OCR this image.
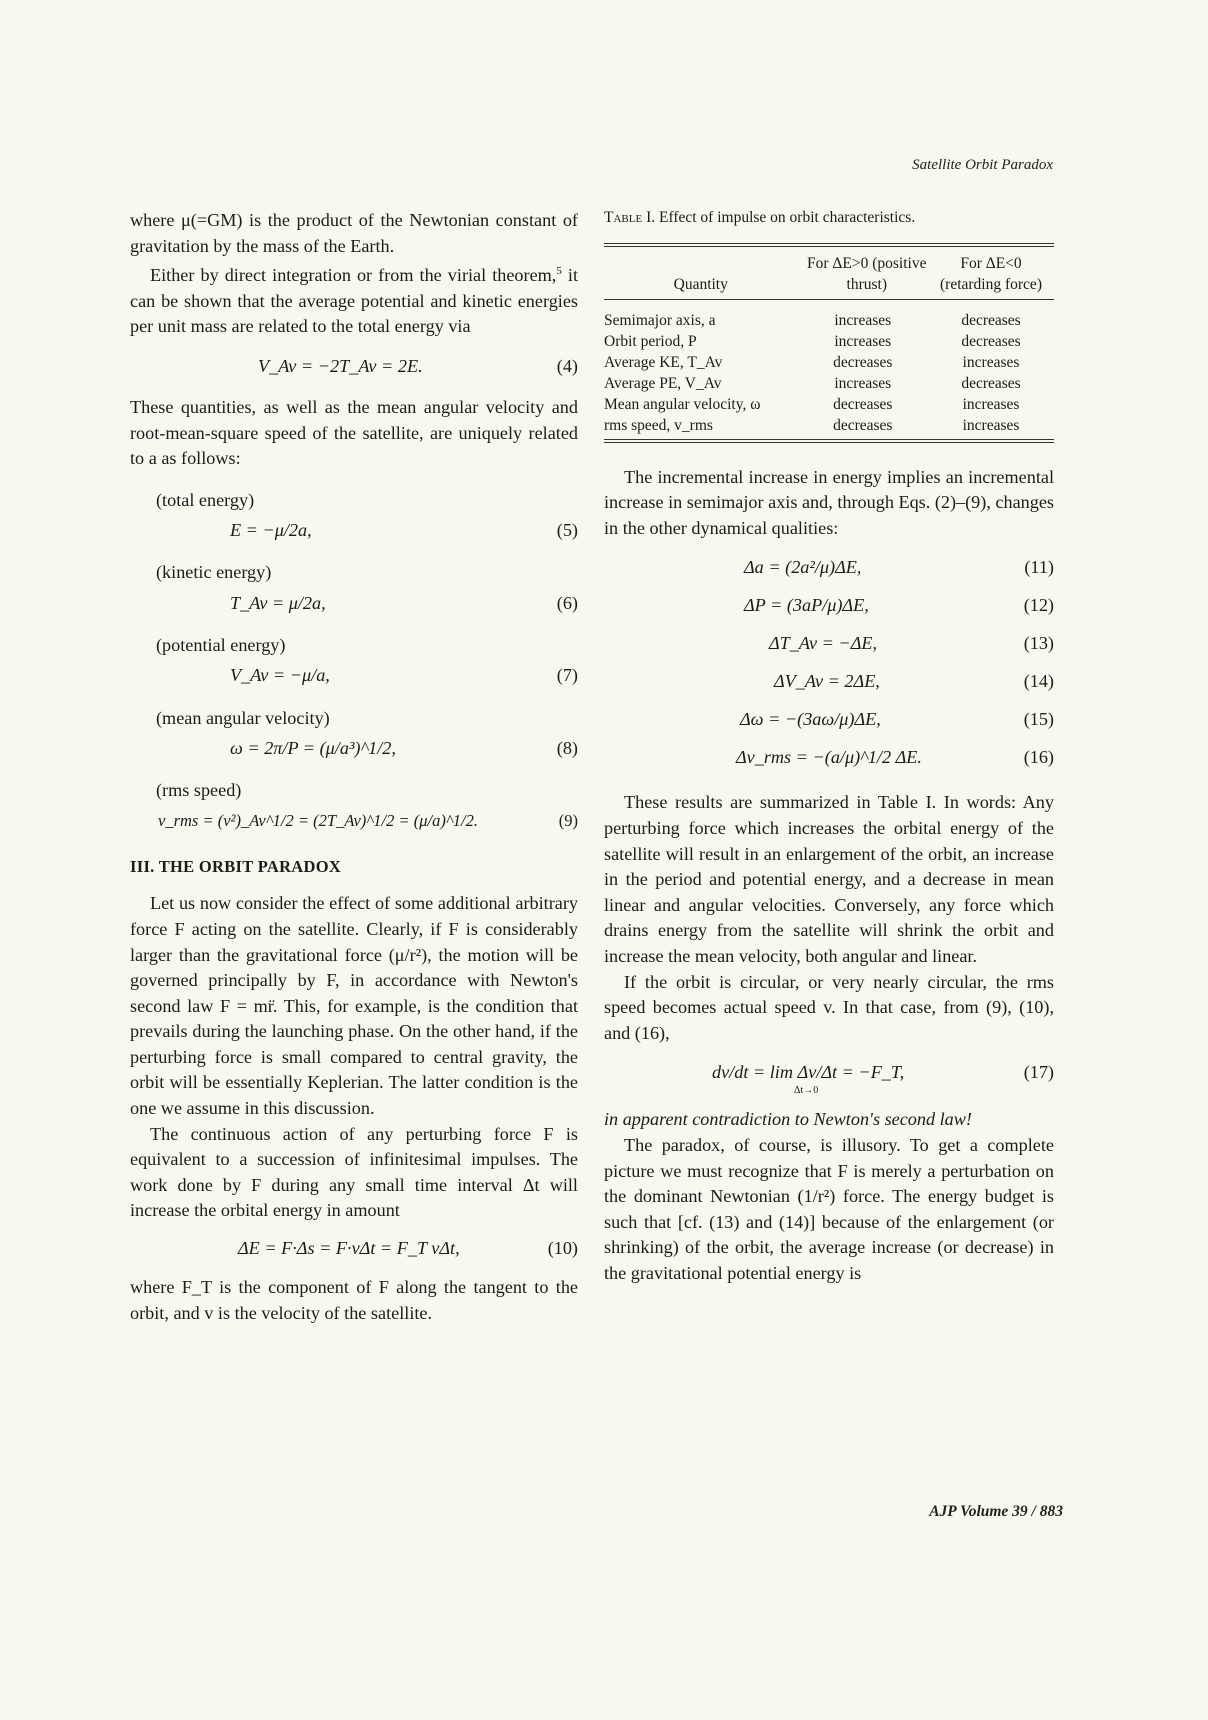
Satellite Orbit Paradox

where μ(=GM) is the product of the Newtonian constant of gravitation by the mass of the Earth.

Either by direct integration or from the virial theorem,$^5$ it can be shown that the average potential and kinetic energies per unit mass are related to the total energy via

V_Av = −2T_Av = 2E.	(4)

These quantities, as well as the mean angular velocity and root-mean-square speed of the satellite, are uniquely related to a as follows:

(total energy)

E = −μ/2a,	(5)

(kinetic energy)

T_Av = μ/2a,	(6)

(potential energy)

V_Av = −μ/a,	(7)

(mean angular velocity)

ω = 2π/P = (μ/a³)^1/2,	(8)

(rms speed)

v_rms = (v²)_Av^1/2 = (2T_Av)^1/2 = (μ/a)^1/2.	(9)

III. THE ORBIT PARADOX

Let us now consider the effect of some additional arbitrary force F acting on the satellite. Clearly, if F is considerably larger than the gravitational force (μ/r²), the motion will be governed principally by F, in accordance with Newton's second law F = mr̈. This, for example, is the condition that prevails during the launching phase. On the other hand, if the perturbing force is small compared to central gravity, the orbit will be essentially Keplerian. The latter condition is the one we assume in this discussion.

The continuous action of any perturbing force F is equivalent to a succession of infinitesimal impulses. The work done by F during any small time interval Δt will increase the orbital energy in amount

ΔE = F·Δs = F·vΔt = F_T vΔt,	(10)

where F_T is the component of F along the tangent to the orbit, and v is the velocity of the satellite.

Table I. Effect of impulse on orbit characteristics.

Quantity	For ΔE>0 (positive thrust)	For ΔE<0 (retarding force)

Semimajor axis, a	increases	decreases
Orbit period, P	increases	decreases
Average KE, T_Av	decreases	increases
Average PE, V_Av	increases	decreases
Mean angular velocity, ω	decreases	increases
rms speed, v_rms	decreases	increases

The incremental increase in energy implies an incremental increase in semimajor axis and, through Eqs. (2)–(9), changes in the other dynamical qualities:

Δa = (2a²/μ)ΔE,	(11)
ΔP = (3aP/μ)ΔE,	(12)
ΔT_Av = −ΔE,	(13)
ΔV_Av = 2ΔE,	(14)
Δω = −(3aω/μ)ΔE,	(15)
Δv_rms = −(a/μ)^1/2 ΔE.	(16)

These results are summarized in Table I. In words: Any perturbing force which increases the orbital energy of the satellite will result in an enlargement of the orbit, an increase in the period and potential energy, and a decrease in mean linear and angular velocities. Conversely, any force which drains energy from the satellite will shrink the orbit and increase the mean velocity, both angular and linear.

If the orbit is circular, or very nearly circular, the rms speed becomes actual speed v. In that case, from (9), (10), and (16),

dv/dt = lim Δv/Δt = −F_T,	(17)
Δt→0

in apparent contradiction to Newton's second law!

The paradox, of course, is illusory. To get a complete picture we must recognize that F is merely a perturbation on the dominant Newtonian (1/r²) force. The energy budget is such that [cf. (13) and (14)] because of the enlargement (or shrinking) of the orbit, the average increase (or decrease) in the gravitational potential energy is

AJP Volume 39 / 883
